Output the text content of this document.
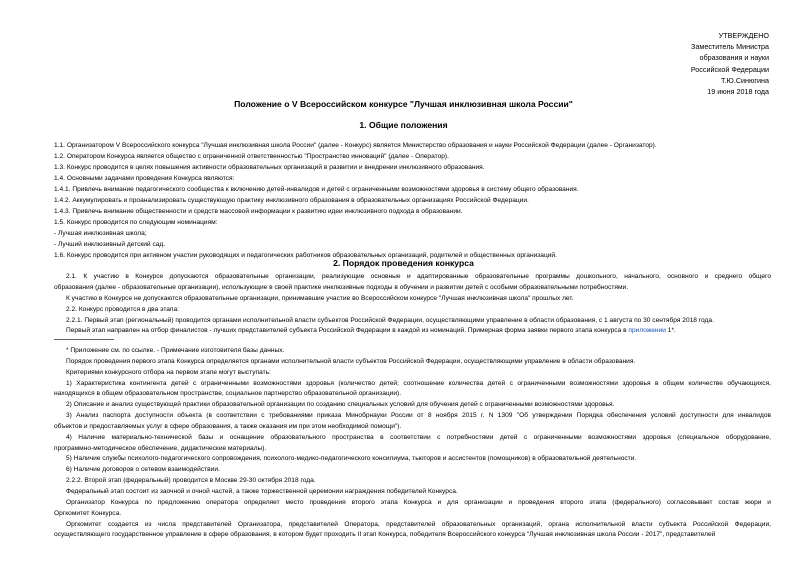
УТВЕРЖДЕНО
Заместитель Министра
образования и науки
Российской Федерации
Т.Ю.Синюгина
19 июня 2018 года
Положение о V Всероссийском конкурсе "Лучшая инклюзивная школа России"
1. Общие положения

1.1. Организатором V Всероссийского конкурса "Лучшая инклюзивная школа России" (далее - Конкурс) является Министерство образования и науки Российской Федерации (далее - Организатор).

1.2. Оператором Конкурса является общество с ограниченной ответственностью "Пространство инноваций" (далее - Оператор).

1.3. Конкурс проводится в целях повышения активности образовательных организаций в развитии и внедрении инклюзивного образования.

1.4. Основными задачами проведения Конкурса являются:

1.4.1. Привлечь внимание педагогического сообщества к включению детей-инвалидов и детей с ограниченными возможностями здоровья в систему общего образования.

1.4.2. Аккумулировать и проанализировать существующую практику инклюзивного образования в образовательных организациях Российской Федерации.

1.4.3. Привлечь внимание общественности и средств массовой информации к развитию идеи инклюзивного подхода в образовании.

1.5. Конкурс проводится по следующим номинациям:

- Лучшая инклюзивная школа;

- Лучший инклюзивный детский сад.

1.6. Конкурс проводится при активном участии руководящих и педагогических работников образовательных организаций, родителей и общественных организаций.

2. Порядок проведения конкурса

2.1. К участию в Конкурсе допускаются образовательные организации, реализующие основные и адаптированные образовательные программы дошкольного, начального, основного и среднего общего

образования (далее - образовательные организации), использующие в своей практике инклюзивные подходы в обучении и развитии детей с особыми образовательными потребностями.

К участию в Конкурсе не допускаются образовательные организации, принимавшие участие во Всероссийском конкурсе "Лучшая инклюзивная школа" прошлых лет.

2.2. Конкурс проводится в два этапа:

2.2.1. Первый этап (региональный) проводится органами исполнительной власти субъектов Российской Федерации, осуществляющими управление в области образования, с 1 августа по 30 сентября 2018 года.

Первый этап направлен на отбор финалистов - лучших представителей субъекта Российской Федерации в каждой из номинаций. Примерная форма заявки первого этапа конкурса в приложении 1*.

* Приложение см. по ссылке. - Примечание изготовителя базы данных.

Порядок проведения первого этапа Конкурса определяется органами исполнительной власти субъектов Российской Федерации, осуществляющими управление в области образования.

Критериями конкурсного отбора на первом этапе могут выступать:

1) Характеристика контингента детей с ограниченными возможностями здоровья (количество детей; соотношение количества детей с ограниченными возможностями здоровья в общем количестве обучающихся,

находящихся в общем образовательном пространстве, социальное партнерство образовательной организации).

2) Описание и анализ существующей практики образовательной организации по созданию специальных условий для обучения детей с ограниченными возможностями здоровья.

3) Анализ паспорта доступности объекта (в соответствии с требованиями приказа Минобрнауки России от 8 ноября 2015 г. N 1309 "Об утверждении Порядка обеспечения условий доступности для инвалидов

объектов и предоставляемых услуг в сфере образования, а также оказания им при этом необходимой помощи").

4) Наличие материально-технической базы и оснащение образовательного пространства в соответствии с потребностями детей с ограниченными возможностями здоровья (специальное оборудование,

программно-методическое обеспечение, дидактические материалы).

5) Наличие службы психолого-педагогического сопровождения, психолого-медико-педагогического консилиума, тьюторов и ассистентов (помощников) в образовательной деятельности.

6) Наличие договоров о сетевом взаимодействии.

2.2.2. Второй этап (федеральный) проводится в Москве 29-30 октября 2018 года.

Федеральный этап состоит из заочной и очной частей, а также торжественной церемонии награждения победителей Конкурса.

Организатор Конкурса по предложению оператора определяет место проведения второго этапа Конкурса и для организации и проведения второго этапа (федерального) согласовывает состав жюри и

Оргкомитет Конкурса.

Оргкомитет создается из числа представителей Организатора, представителей Оператора, представителей образовательных организаций, органа исполнительной власти субъекта Российской Федерации,

осуществляющего государственное управление в сфере образования, в котором будет проходить II этап Конкурса, победителя Всероссийского конкурса "Лучшая инклюзивная школа России - 2017", представителей
